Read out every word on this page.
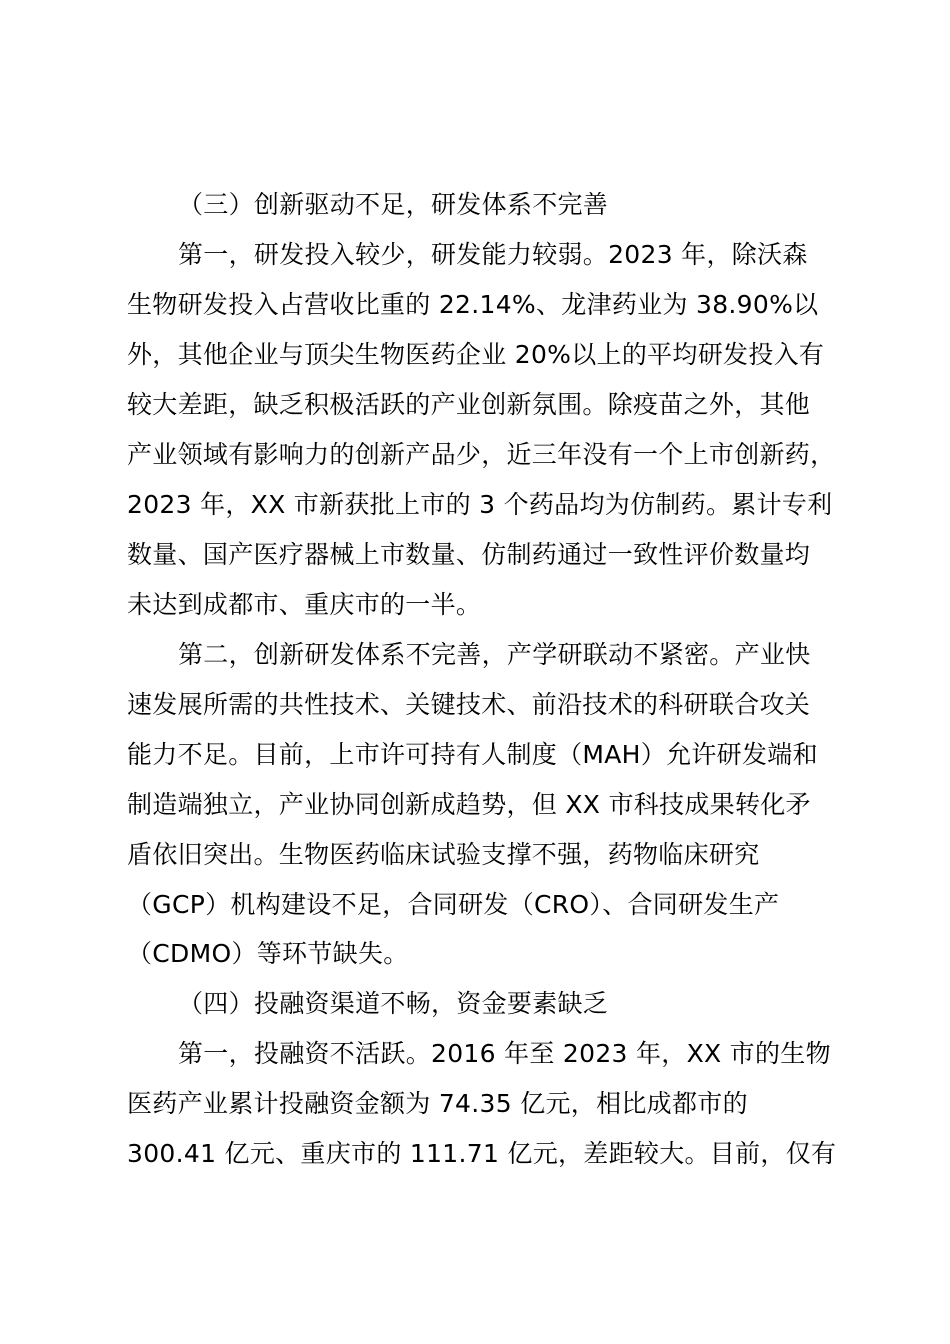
（三）创新驱动不足，研发体系不完善
第一，研发投入较少，研发能力较弱。2023 年，除沃森
生物研发投入占营收比重的 22.14%、龙津药业为 38.90%以
外，其他企业与顶尖生物医药企业 20%以上的平均研发投入有
较大差距，缺乏积极活跃的产业创新氛围。除疫苗之外，其他
产业领域有影响力的创新产品少，近三年没有一个上市创新药，
2023 年，XX 市新获批上市的 3 个药品均为仿制药。累计专利
数量、国产医疗器械上市数量、仿制药通过一致性评价数量均
未达到成都市、重庆市的一半。
第二，创新研发体系不完善，产学研联动不紧密。产业快
速发展所需的共性技术、关键技术、前沿技术的科研联合攻关
能力不足。目前，上市许可持有人制度（MAH）允许研发端和
制造端独立，产业协同创新成趋势，但 XX 市科技成果转化矛
盾依旧突出。生物医药临床试验支撑不强，药物临床研究
（GCP）机构建设不足，合同研发（CRO）、合同研发生产
（CDMO）等环节缺失。
（四）投融资渠道不畅，资金要素缺乏
第一，投融资不活跃。2016 年至 2023 年，XX 市的生物
医药产业累计投融资金额为 74.35 亿元，相比成都市的
300.41 亿元、重庆市的 111.71 亿元，差距较大。目前，仅有
